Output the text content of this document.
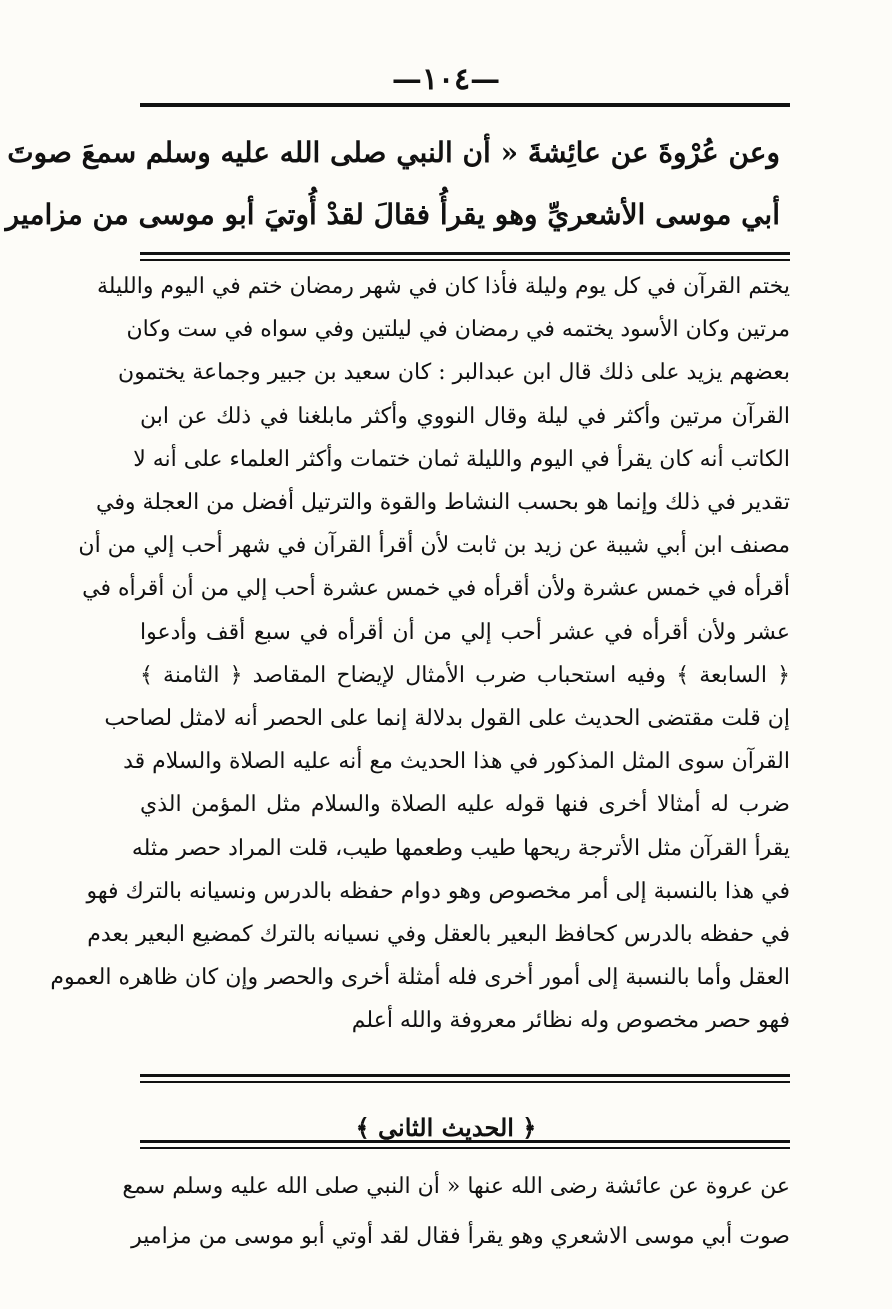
—١٠٤—
وعن عُرْوةَ عن عائِشةَ « أن النبي صلى الله عليه وسلم سمعَ صوتَ
أبي موسى الأشعريِّ وهو يقرأُ فقالَ لقدْ أُوتيَ أبو موسى من مزامير
يختم القرآن في كل يوم وليلة فأذا كان في شهر رمضان ختم في اليوم والليلة
مرتين وكان الأسود يختمه في رمضان في ليلتين وفي سواه في ست وكان
بعضهم يزيد على ذلك قال ابن عبدالبر : كان سعيد بن جبير وجماعة يختمون
القرآن مرتين وأكثر في ليلة وقال النووي وأكثر مابلغنا في ذلك عن ابن
الكاتب أنه كان يقرأ في اليوم والليلة ثمان ختمات وأكثر العلماء على أنه لا
تقدير في ذلك وإنما هو بحسب النشاط والقوة والترتيل أفضل من العجلة وفي
مصنف ابن أبي شيبة عن زيد بن ثابت لأن أقرأ القرآن في شهر أحب إلي من أن
أقرأه في خمس عشرة ولأن أقرأه في خمس عشرة أحب إلي من أن أقرأه في
عشر ولأن أقرأه في عشر أحب إلي من أن أقرأه في سبع أقف وأدعوا
﴿ السابعة ﴾ وفيه استحباب ضرب الأمثال لإيضاح المقاصد ﴿ الثامنة ﴾
إن قلت مقتضى الحديث على القول بدلالة إنما على الحصر أنه لامثل لصاحب
القرآن سوى المثل المذكور في هذا الحديث مع أنه عليه الصلاة والسلام قد
ضرب له أمثالا أخرى فنها قوله عليه الصلاة والسلام مثل المؤمن الذي
يقرأ القرآن مثل الأترجة ريحها طيب وطعمها طيب، قلت المراد حصر مثله
في هذا بالنسبة إلى أمر مخصوص وهو دوام حفظه بالدرس ونسيانه بالترك فهو
في حفظه بالدرس كحافظ البعير بالعقل وفي نسيانه بالترك كمضيع البعير بعدم
العقل وأما بالنسبة إلى أمور أخرى فله أمثلة أخرى والحصر وإن كان ظاهره العموم
فهو حصر مخصوص وله نظائر معروفة والله أعلم
﴿ الحديث الثاني ﴾
عن عروة عن عائشة رضى الله عنها « أن النبي صلى الله عليه وسلم سمع
صوت أبي موسى الاشعري وهو يقرأ فقال لقد أوتي أبو موسى من مزامير
